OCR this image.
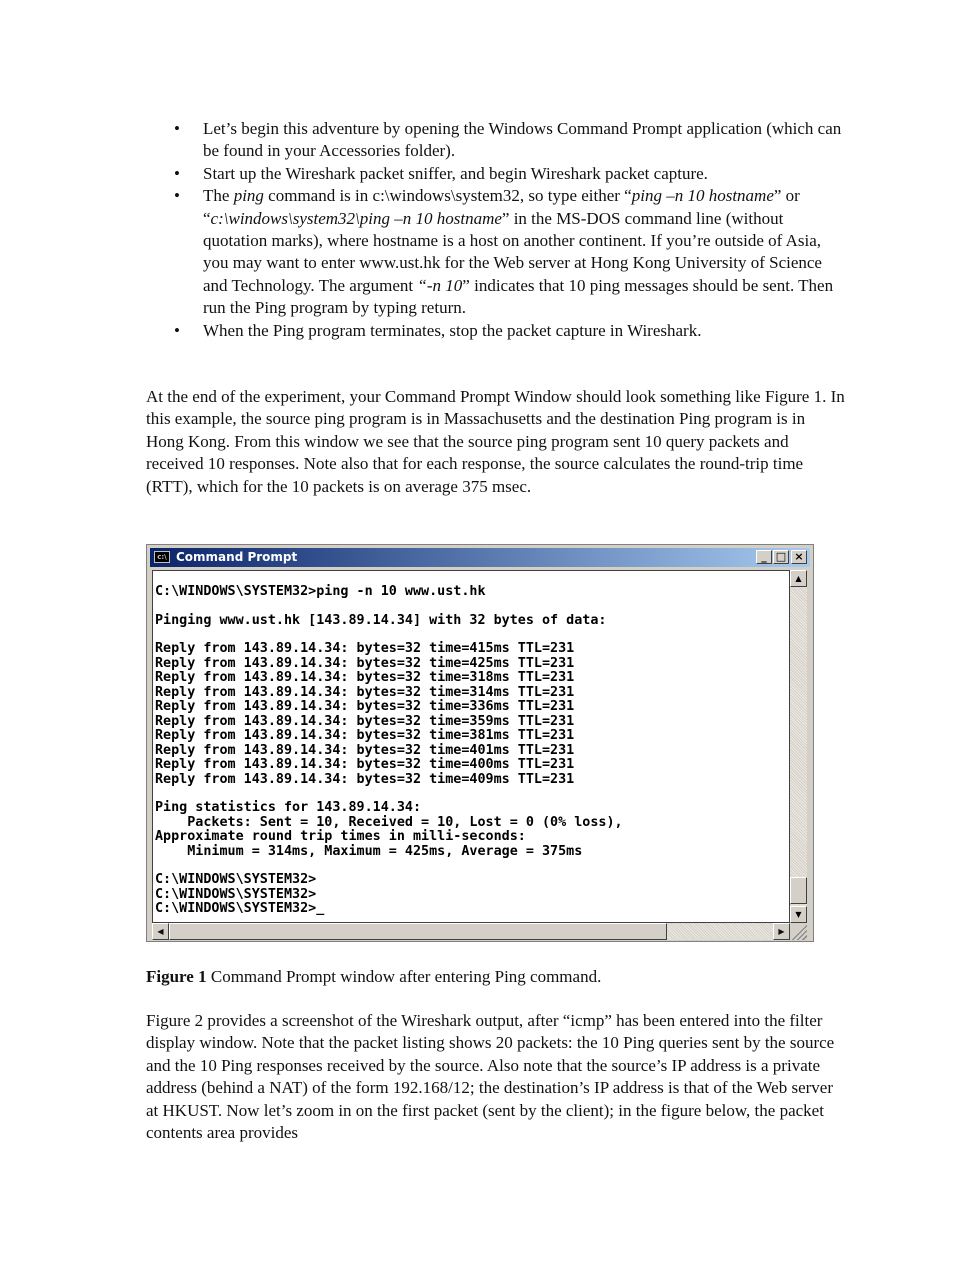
• Let’s begin this adventure by opening the Windows Command Prompt application (which can be found in your Accessories folder).
• Start up the Wireshark packet sniffer, and begin Wireshark packet capture.
• The ping command is in c:\windows\system32, so type either “ping –n 10 hostname” or “c:\windows\system32\ping –n 10 hostname” in the MS-DOS command line (without quotation marks), where hostname is a host on another continent. If you’re outside of Asia, you may want to enter www.ust.hk for the Web server at Hong Kong University of Science and Technology. The argument “-n 10” indicates that 10 ping messages should be sent. Then run the Ping program by typing return.
• When the Ping program terminates, stop the packet capture in Wireshark.

At the end of the experiment, your Command Prompt Window should look something like Figure 1. In this example, the source ping program is in Massachusetts and the destination Ping program is in Hong Kong. From this window we see that the source ping program sent 10 query packets and received 10 responses. Note also that for each response, the source calculates the round-trip time (RTT), which for the 10 packets is on average 375 msec.

c:\ Command Prompt	_ □ ×
C:\WINDOWS\SYSTEM32>ping -n 10 www.ust.hk
Pinging www.ust.hk [143.89.14.34] with 32 bytes of data:
Reply from 143.89.14.34: bytes=32 time=415ms TTL=231
Reply from 143.89.14.34: bytes=32 time=425ms TTL=231
Reply from 143.89.14.34: bytes=32 time=318ms TTL=231
Reply from 143.89.14.34: bytes=32 time=314ms TTL=231
Reply from 143.89.14.34: bytes=32 time=336ms TTL=231
Reply from 143.89.14.34: bytes=32 time=359ms TTL=231
Reply from 143.89.14.34: bytes=32 time=381ms TTL=231
Reply from 143.89.14.34: bytes=32 time=401ms TTL=231
Reply from 143.89.14.34: bytes=32 time=400ms TTL=231
Reply from 143.89.14.34: bytes=32 time=409ms TTL=231
Ping statistics for 143.89.14.34:
Packets: Sent = 10, Received = 10, Lost = 0 (0% loss),
Approximate round trip times in milli-seconds:
Minimum = 314ms, Maximum = 425ms, Average = 375ms
C:\WINDOWS\SYSTEM32>
C:\WINDOWS\SYSTEM32>
C:\WINDOWS\SYSTEM32>_
▲
▼
◀	▶

Figure 1 Command Prompt window after entering Ping command.

Figure 2 provides a screenshot of the Wireshark output, after “icmp” has been entered into the filter display window. Note that the packet listing shows 20 packets: the 10 Ping queries sent by the source and the 10 Ping responses received by the source. Also note that the source’s IP address is a private address (behind a NAT) of the form 192.168/12; the destination’s IP address is that of the Web server at HKUST. Now let’s zoom in on the first packet (sent by the client); in the figure below, the packet contents area provides
